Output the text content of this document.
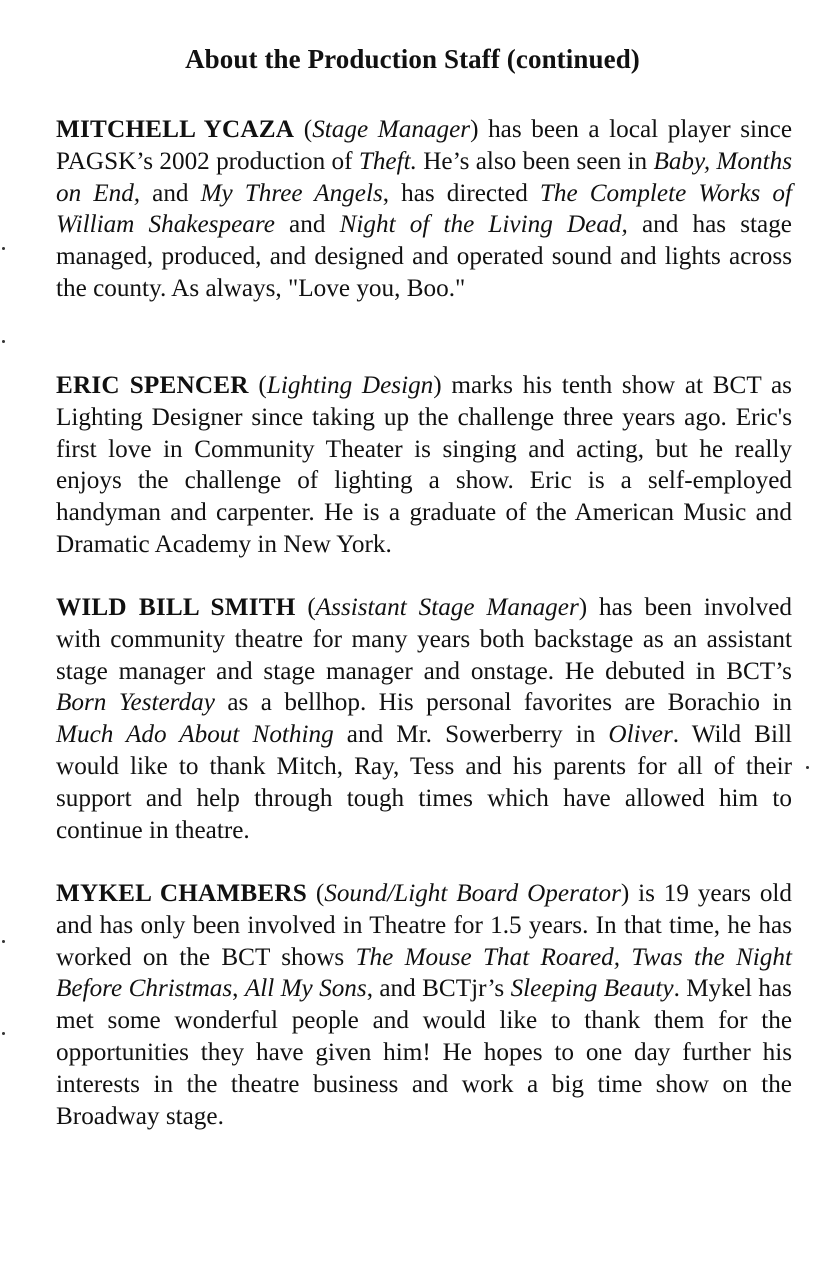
About the Production Staff (continued)

MITCHELL YCAZA (Stage Manager) has been a local player since PAGSK’s 2002 production of Theft. He’s also been seen in Baby, Months on End, and My Three Angels, has directed The Complete Works of William Shakespeare and Night of the Living Dead, and has stage managed, produced, and designed and operated sound and lights across the county. As always, "Love you, Boo."

ERIC SPENCER (Lighting Design) marks his tenth show at BCT as Lighting Designer since taking up the challenge three years ago. Eric's first love in Community Theater is singing and acting, but he really enjoys the challenge of lighting a show. Eric is a self-employed handyman and carpenter. He is a graduate of the American Music and Dramatic Academy in New York.

WILD BILL SMITH (Assistant Stage Manager) has been involved with community theatre for many years both backstage as an assistant stage manager and stage manager and onstage. He debuted in BCT’s Born Yesterday as a bellhop. His personal favorites are Borachio in Much Ado About Nothing and Mr. Sowerberry in Oliver. Wild Bill would like to thank Mitch, Ray, Tess and his parents for all of their support and help through tough times which have allowed him to continue in theatre.

MYKEL CHAMBERS (Sound/Light Board Operator) is 19 years old and has only been involved in Theatre for 1.5 years. In that time, he has worked on the BCT shows The Mouse That Roared, Twas the Night Before Christmas, All My Sons, and BCTjr’s Sleeping Beauty. Mykel has met some wonderful people and would like to thank them for the opportunities they have given him! He hopes to one day further his interests in the theatre business and work a big time show on the Broadway stage.
